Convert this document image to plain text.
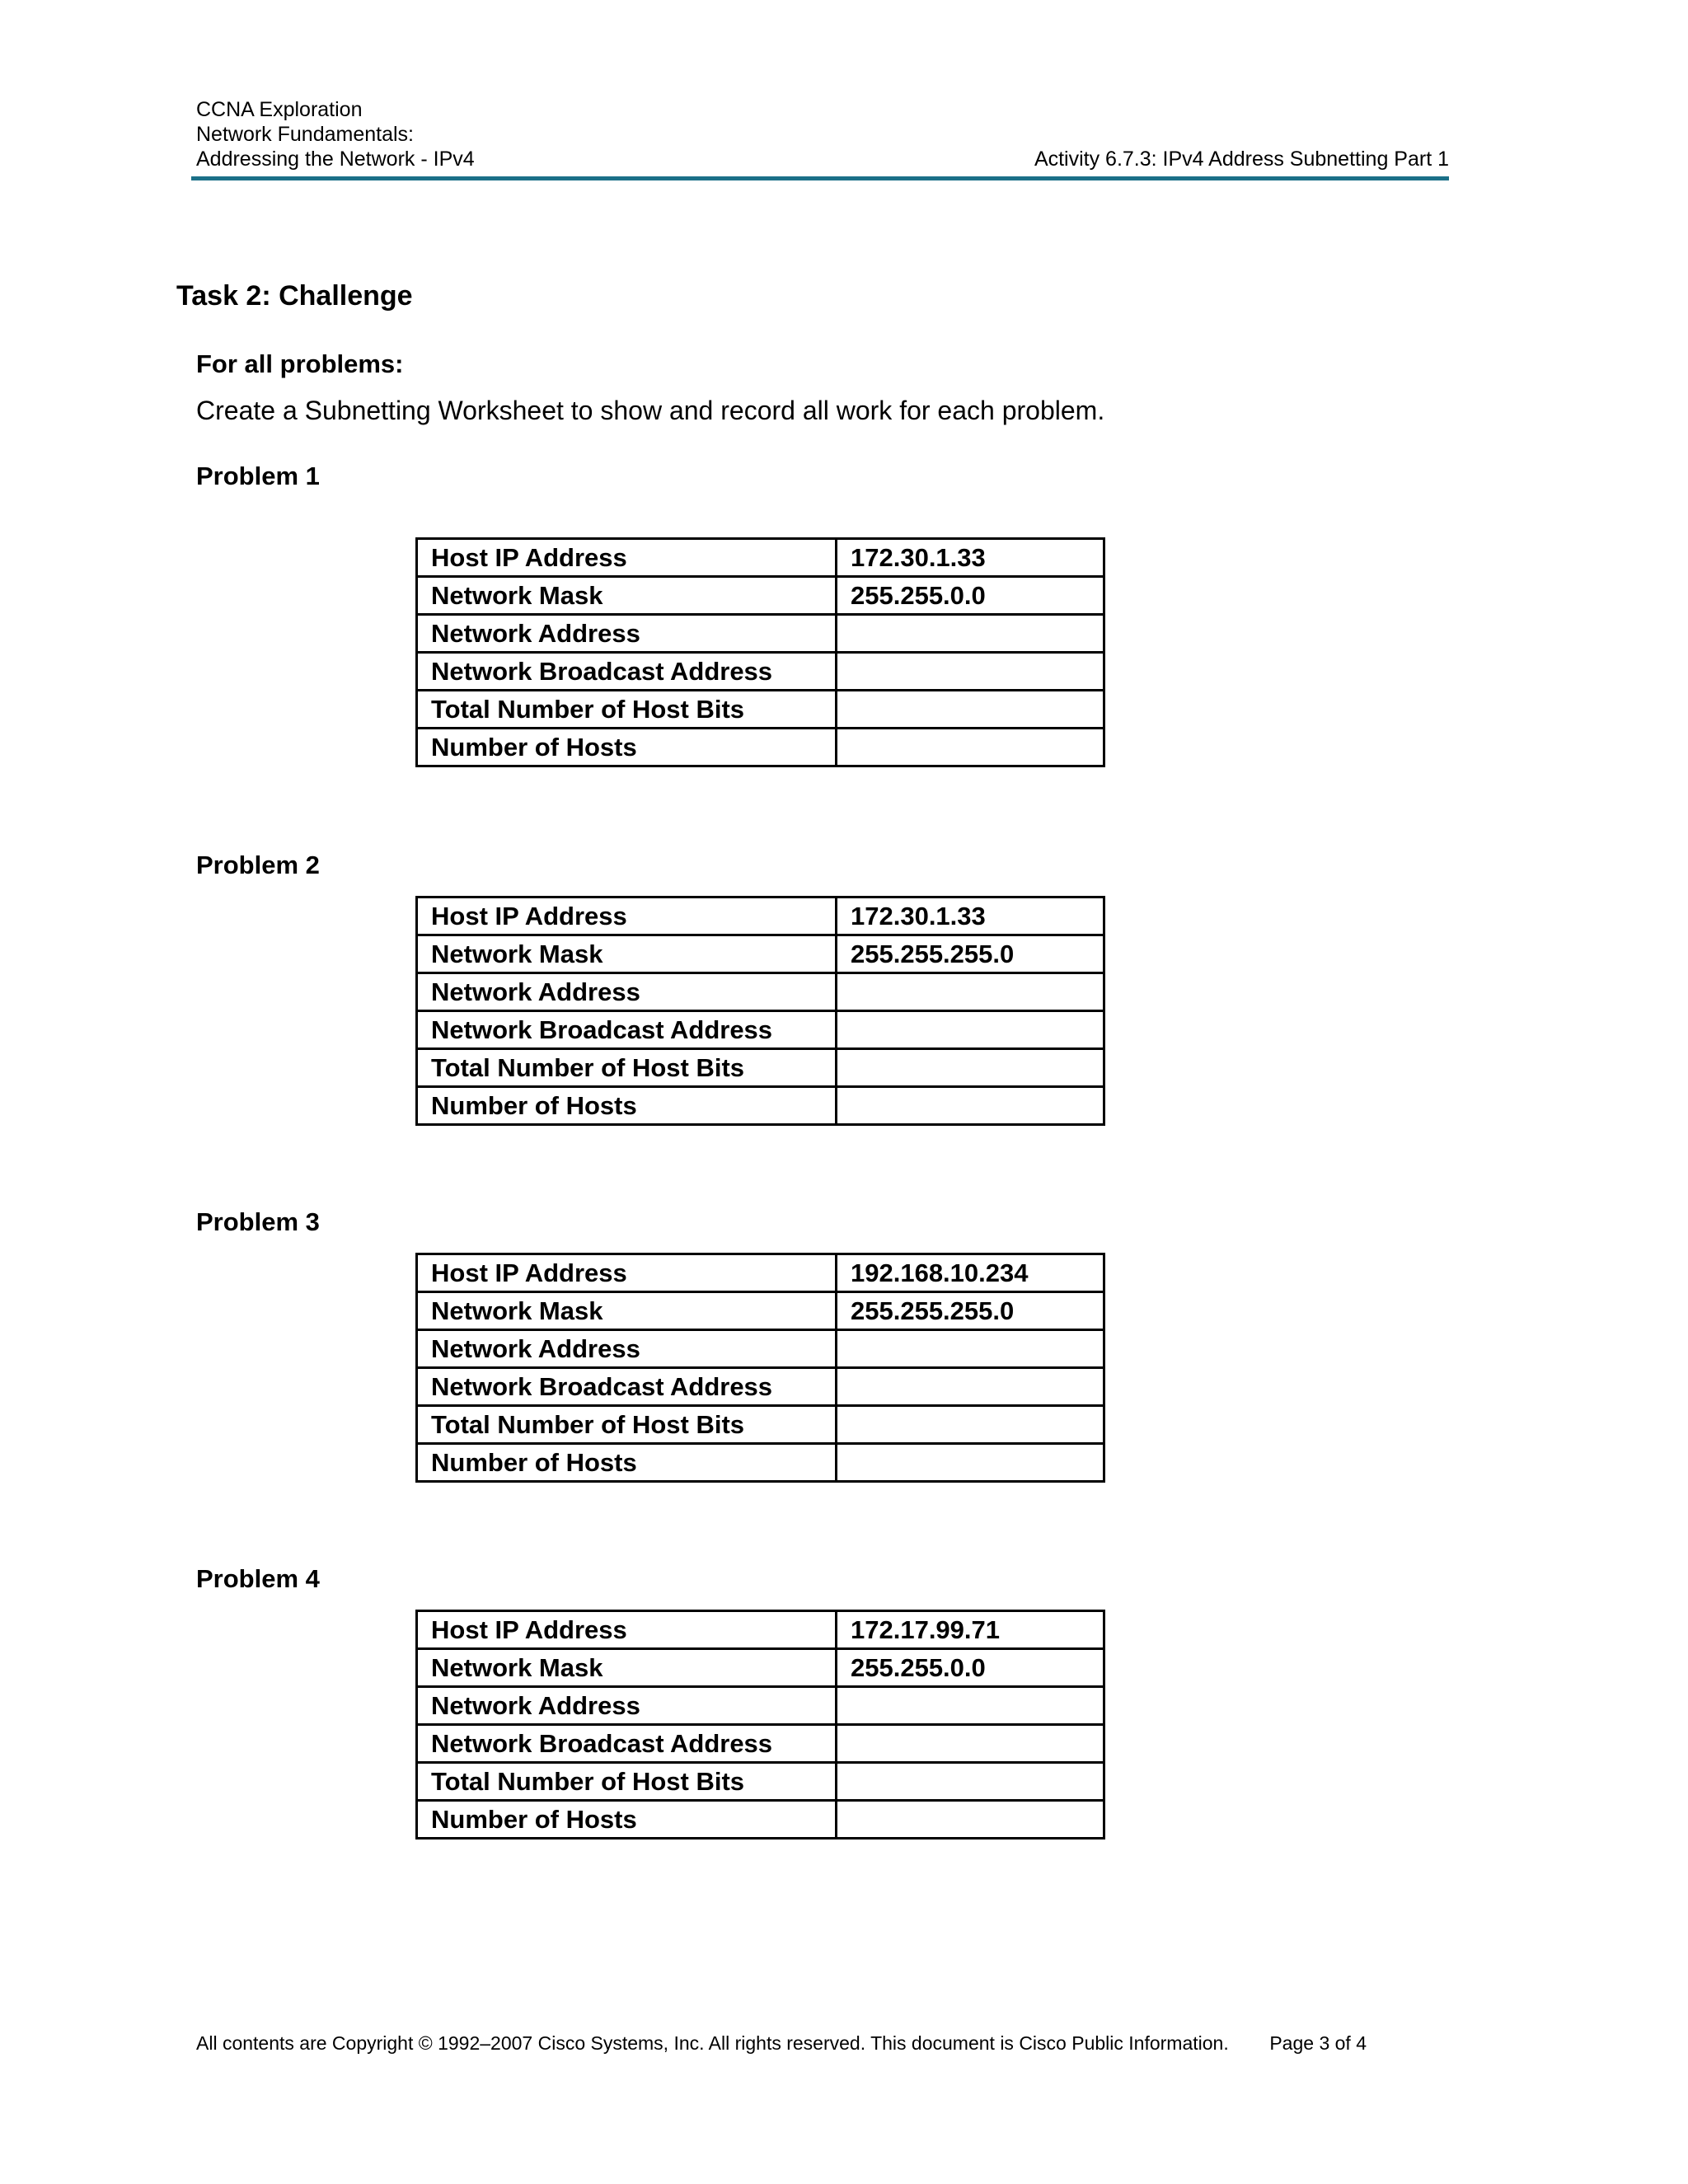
CCNA Exploration
Network Fundamentals:
Addressing the Network - IPv4	Activity 6.7.3: IPv4 Address Subnetting Part 1
Task 2: Challenge
For all problems:
Create a Subnetting Worksheet to show and record all work for each problem.
Problem 1
Host IP Address	172.30.1.33
Network Mask	255.255.0.0
Network Address	
Network Broadcast Address	
Total Number of Host Bits	
Number of Hosts	
Problem 2
Host IP Address	172.30.1.33
Network Mask	255.255.255.0
Network Address	
Network Broadcast Address	
Total Number of Host Bits	
Number of Hosts	
Problem 3
Host IP Address	192.168.10.234
Network Mask	255.255.255.0
Network Address	
Network Broadcast Address	
Total Number of Host Bits	
Number of Hosts	
Problem 4
Host IP Address	172.17.99.71
Network Mask	255.255.0.0
Network Address	
Network Broadcast Address	
Total Number of Host Bits	
Number of Hosts	
All contents are Copyright © 1992–2007 Cisco Systems, Inc. All rights reserved. This document is Cisco Public Information. Page 3 of 4
